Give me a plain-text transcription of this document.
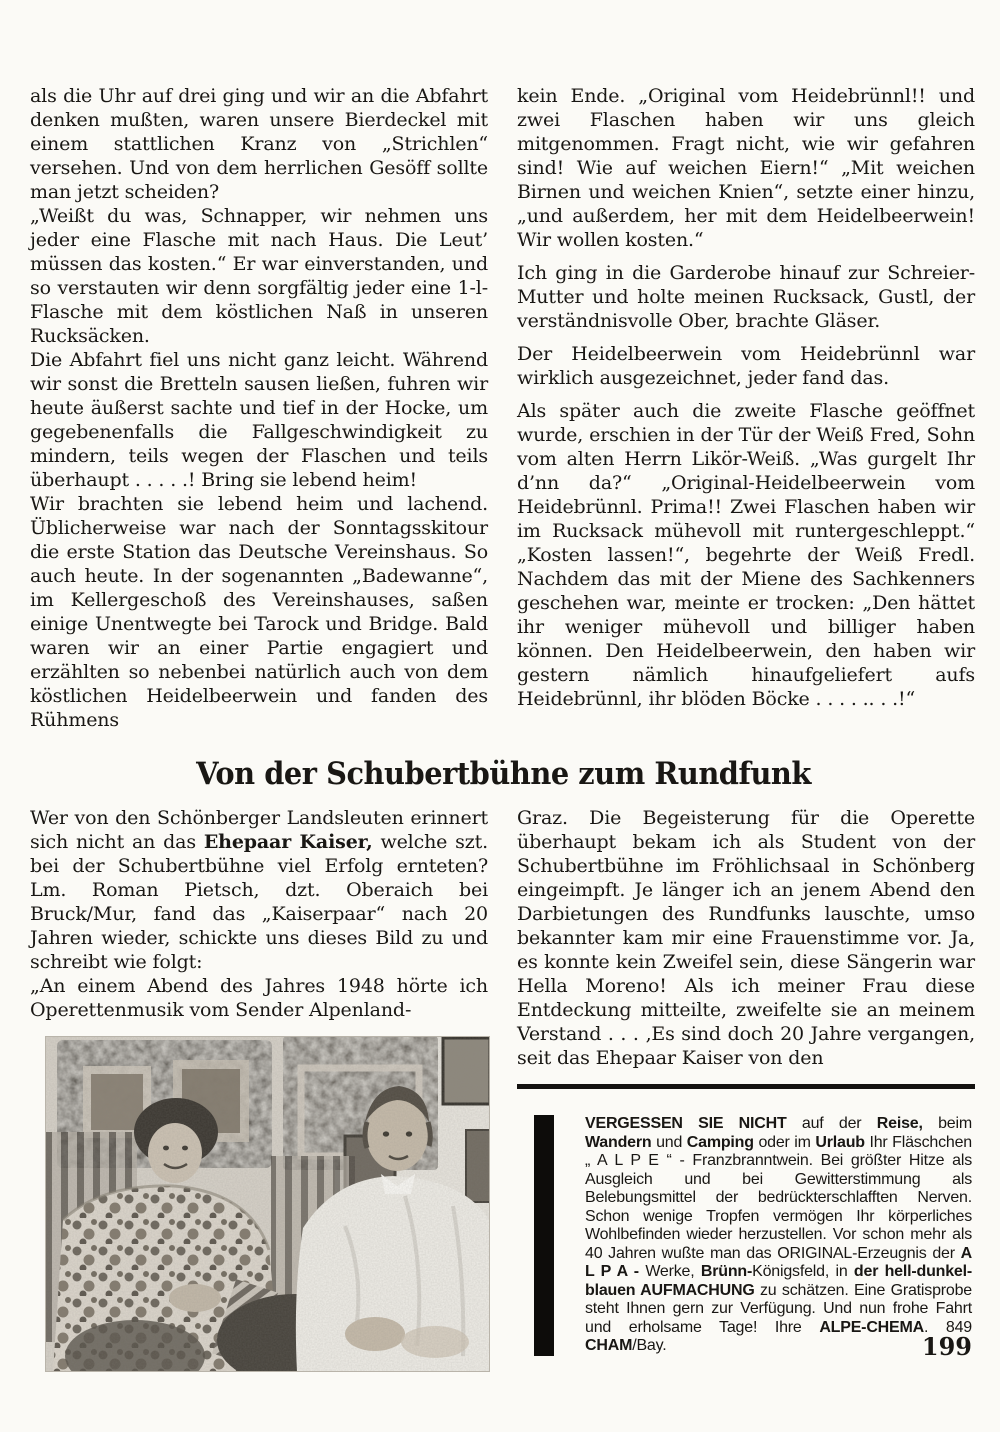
als die Uhr auf drei ging und wir an die Abfahrt denken mußten, waren unsere Bierdeckel mit einem stattlichen Kranz von „Strichlen“ versehen. Und von dem herrlichen Gesöff sollte man jetzt scheiden?

„Weißt du was, Schnapper, wir nehmen uns jeder eine Flasche mit nach Haus. Die Leut’ müssen das kosten.“ Er war einverstanden, und so verstauten wir denn sorgfältig jeder eine 1-l-Flasche mit dem köstlichen Naß in unseren Rucksäcken.

Die Abfahrt fiel uns nicht ganz leicht. Während wir sonst die Bretteln sausen ließen, fuhren wir heute äußerst sachte und tief in der Hocke, um gegebenenfalls die Fallgeschwindigkeit zu mindern, teils wegen der Flaschen und teils überhaupt . . . . .! Bring sie lebend heim!

Wir brachten sie lebend heim und lachend. Üblicherweise war nach der Sonntagsskitour die erste Station das Deutsche Vereinshaus. So auch heute. In der sogenannten „Badewanne“, im Kellergeschoß des Vereinshauses, saßen einige Unentwegte bei Tarock und Bridge. Bald waren wir an einer Partie engagiert und erzählten so nebenbei natürlich auch von dem köstlichen Heidelbeerwein und fanden des Rühmens

kein Ende. „Original vom Heidebrünnl!! und zwei Flaschen haben wir uns gleich mitgenommen. Fragt nicht, wie wir gefahren sind! Wie auf weichen Eiern!“ „Mit weichen Birnen und weichen Knien“, setzte einer hinzu, „und außerdem, her mit dem Heidelbeerwein! Wir wollen kosten.“

Ich ging in die Garderobe hinauf zur Schreier-Mutter und holte meinen Rucksack, Gustl, der verständnisvolle Ober, brachte Gläser.

Der Heidelbeerwein vom Heidebrünnl war wirklich ausgezeichnet, jeder fand das.

Als später auch die zweite Flasche geöffnet wurde, erschien in der Tür der Weiß Fred, Sohn vom alten Herrn Likör-Weiß. „Was gurgelt Ihr d’nn da?“ „Original-Heidelbeerwein vom Heidebrünnl. Prima!! Zwei Flaschen haben wir im Rucksack mühevoll mit runtergeschleppt.“ „Kosten lassen!“, begehrte der Weiß Fredl. Nachdem das mit der Miene des Sachkenners geschehen war, meinte er trocken: „Den hättet ihr weniger mühevoll und billiger haben können. Den Heidelbeerwein, den haben wir gestern nämlich hinaufgeliefert aufs Heidebrünnl, ihr blöden Böcke . . . . .. . .!“

Von der Schubertbühne zum Rundfunk

Wer von den Schönberger Landsleuten erinnert sich nicht an das Ehepaar Kaiser, welche szt. bei der Schubertbühne viel Erfolg ernteten? Lm. Roman Pietsch, dzt. Oberaich bei Bruck/Mur, fand das „Kaiserpaar“ nach 20 Jahren wieder, schickte uns dieses Bild zu und schreibt wie folgt:

„An einem Abend des Jahres 1948 hörte ich Operettenmusik vom Sender Alpenland-

Graz. Die Begeisterung für die Operette überhaupt bekam ich als Student von der Schubertbühne im Fröhlichsaal in Schönberg eingeimpft. Je länger ich an jenem Abend den Darbietungen des Rundfunks lauschte, umso bekannter kam mir eine Frauenstimme vor. Ja, es konnte kein Zweifel sein, diese Sängerin war Hella Moreno! Als ich meiner Frau diese Entdeckung mitteilte, zweifelte sie an meinem Verstand . . . ‚Es sind doch 20 Jahre vergangen, seit das Ehepaar Kaiser von den

VERGESSEN SIE NICHT auf der Reise, beim Wandern und Camping oder im Urlaub Ihr Fläschchen „ A L P E “ - Franzbranntwein. Bei größter Hitze als Ausgleich und bei Gewitterstimmung als Belebungsmittel der bedrückterschlafften Nerven. Schon wenige Tropfen vermögen Ihr körperliches Wohlbefinden wieder herzustellen. Vor schon mehr als 40 Jahren wußte man das ORIGINAL-Erzeugnis der A L P A - Werke, Brünn-Königsfeld, in der hell-dunkel-blauen AUFMACHUNG zu schätzen. Eine Gratisprobe steht Ihnen gern zur Verfügung. Und nun frohe Fahrt und erholsame Tage! Ihre ALPE-CHEMA. 849 CHAM/Bay.	199
